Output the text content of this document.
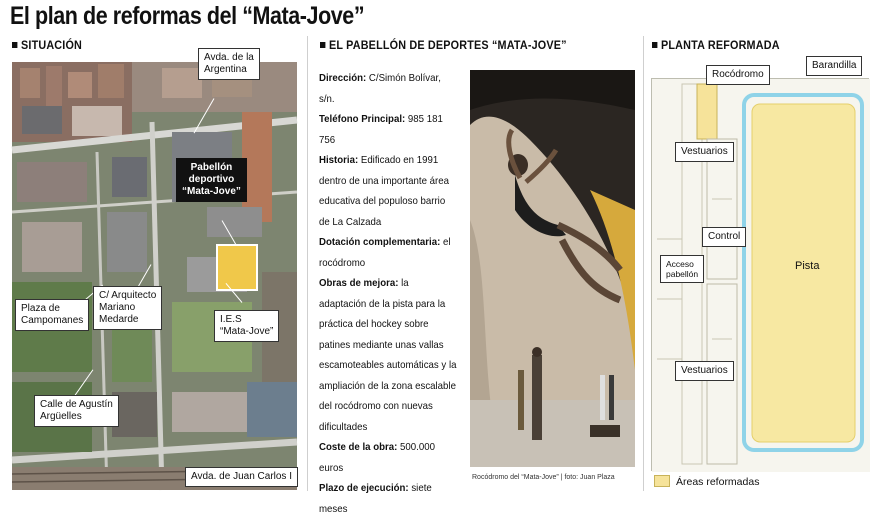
El plan de reformas del “Mata-Jove”
SITUACIÓN	EL PABELLÓN DE DEPORTES “MATA-JOVE”	PLANTA REFORMADA
Avda. de la
Argentina
Pabellón
deportivo
“Mata-Jove”
Plaza de
Campomanes
C/ Arquitecto
Mariano
Medarde	I.E.S
“Mata-Jove”
Calle de Agustín
Argüelles
Avda. de Juan Carlos I

Dirección: C/Simón Bolívar, s/n.

Teléfono Principal: 985 181 756

Historia: Edificado en 1991 dentro de una importante área educativa del populoso barrio de La Calzada

Dotación complementaria: el rocódromo

Obras de mejora: la adaptación de la pista para la práctica del hockey sobre patines mediante unas vallas escamoteables automáticas y la ampliación de la zona escalable del rocódromo con nuevas dificultades

Coste de la obra: 500.000 euros

Plazo de ejecución: siete meses

Rocódromo del “Mata-Jove” | foto: Juan Plaza
Rocódromo
Barandilla
Vestuarios
Control
Acceso
pabellón
Pista
Vestuarios
Áreas reformadas
